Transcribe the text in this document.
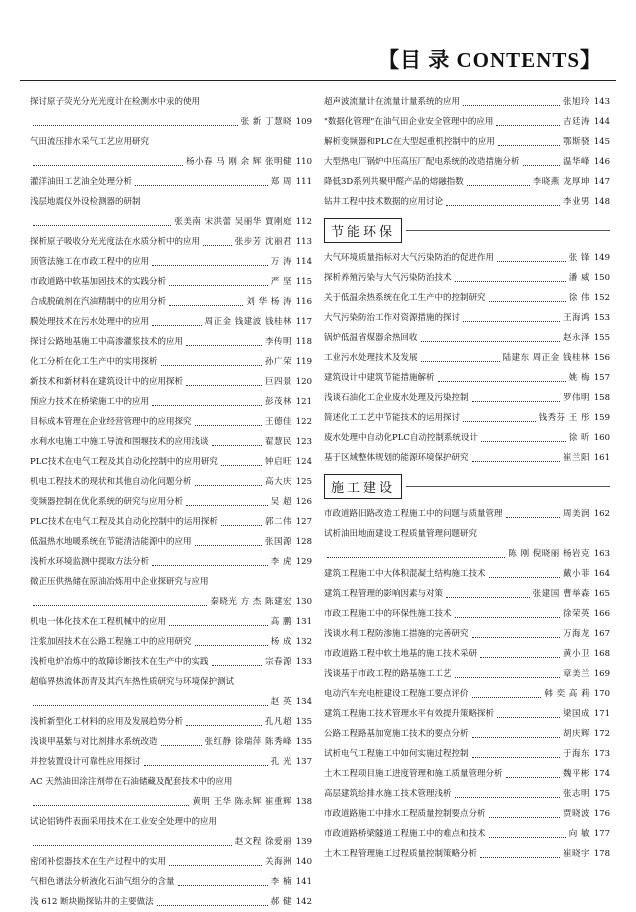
【目 录 CONTENTS】
探讨原子荧光分光光度计在检测水中汞的使用
张 新 丁慧晓 109
气田流压排水采气工艺应用研究
杨小春 马 刚 余 辉 张明健 110
灌洋油田工艺油全处理分析	郑 周 111
浅层地震仪外设检测器的研制
张美南 宋洪蕾 吴丽华 賈刚庭 112
探析原子吸收分光光度法在水质分析中的应用	张步芳 沈丽君 113
顶管法施工在市政工程中的应用	万 涛 114
市政道路中软基加固技术的实践分析	严 坚 115
合成脱硫剂在汽油精制中的应用分析	刘 华 杨 涛 116
膜处理技术在污水处理中的应用	周正金 钱建波 钱桂林 117
探讨公路地基施工中高渗灌浆技术的应用	李传明 118
化工分析在化工生产中的实用探析	孙广荣 119
新技术和新材料在建筑设计中的应用探析	巨四景 120
预应力技术在桥梁施工中的应用	彭茂林 121
目标成本管理在企业经营管理中的应用探究	王德佳 122
水利水电施工中施工导流和围堰技术的应用浅谈	翟慧民 123
PLC技术在电气工程及其自动化控制中的应用研究	钟启旺 124
机电工程技术的现状和其他自动化问题分析	高大庆 125
变频器控制在优化系统的研究与应用分析	吴 超 126
PLC技术在电气工程及其自动化控制中的运用探析	郭二伟 127
低温热水地暖系统在节能清洁能源中的应用	张国源 128
浅析水环境监测中提取方法分析	李 虎 129
微正压供热储在原油冶炼用中企业探研究与应用
秦晓光 方 杰 陈建宏 130
机电一体化技术在工程机械中的应用	高 鹏 131
注浆加固技术在公路工程施工中的应用研究	杨 成 132
浅析电炉冶炼中的故障诊断技术在生产中的实践	宗春源 133
超临界热流体沥青及其汽车热性质研究与环境保护测试
赵 英 134
浅析新型化工材料的应用及发展趋势分析	孔凡超 135
浅谈甲基紫与对比剂排水系统改造	张红静 徐瑞萍 陈秀峰 135
并控装置设计可靠性应用探讨	孔 光 137
AC 天然油田涂注剂带在石油储藏及配套技术中的应用
黄明 王华 陈永辉 崔重辉 138
试论铝铸件表面采用技术在工业安全处理中的应用
赵文程 徐爱丽 139
密闭补偿器技术在生产过程中的实用	关海洲 140
气相色谱法分析液化石油气组分的含量	李 楠 141
浅 612 断块勘探钻井的主要做法	郝 健 142
超声波流量计在流量计量系统的应用	张旭玲 143
"数据化管理"在油气田企业安全管理中的应用	吉廷涛 144
解析变频器和PLC在大型起重机控制中的应用	鄂斯骁 145
大型热电厂锅炉中压高压厂配电系统的改造措施分析	温华峰 146
降低3D系列共聚甲醛产品的熔融指数	李晓燕 龙厚坤 147
钻井工程中技术数据的应用讨论	李业男 148
节能环保
大气环境质量指标对大气污染防治的促进作用	张 锋 149
探析养殖污染与大气污染防治技术	潘 威 150
关于低温余热系统在化工生产中的控制研究	徐 伟 152
大气污染防治工作对资源措施的探讨	王海鸿 153
锅炉低温省煤器余热回收	赵永泽 155
工业污水处理技术及发展	陆建东 周正金 钱桂林 156
建筑设计中建筑节能措施解析	姚 梅 157
浅谈石油化工企业废水处理及污染控制	罗伟明 158
简述化工工艺中节能技术的运用探讨	钱秀芬 王 彤 159
废水处理中自动化PLC自动控制系统设计	徐 昕 160
基于区域整体规划的能源环境保护研究	崔兰阳 161
施工建设
市政道路旧路改造工程施工中的问题与质量管理	周美润 162
试析油田地面建设工程质量管理问题研究
陈 刚 倪晓丽 杨岩克 163
建筑工程施工中大体积混凝土结构施工技术	戴小菲 164
建筑工程管理的影响因素与对策	张建国 曹举森 165
市政工程施工中的环保性施工技术	徐荣英 166
浅谈水利工程防渗施工措施的完善研究	万海龙 167
市政道路工程中软土地基的施工技术采研	黄小卫 168
浅谈基于市政工程的路基施工工艺	章美兰 169
电动汽车充电桩建设工程施工要点评价	韩 奕 高 莉 170
建筑工程施工技术管理水平有效提升策略探析	梁国成 171
公路工程路基加宽施工技术的要点分析	胡庆辉 172
试析电气工程施工中如何实施过程控制	于海东 173
土木工程项目施工进度管理和施工质量管理分析	魏平彬 174
高层建筑给排水施工技术管理浅析	张志明 175
市政道路施工中排水工程质量控制要点分析	贾晓波 176
市政道路桥梁隧道工程施工中的难点和技术	向 敏 177
土木工程管理施工过程质量控制策略分析	崔晓宇 178
